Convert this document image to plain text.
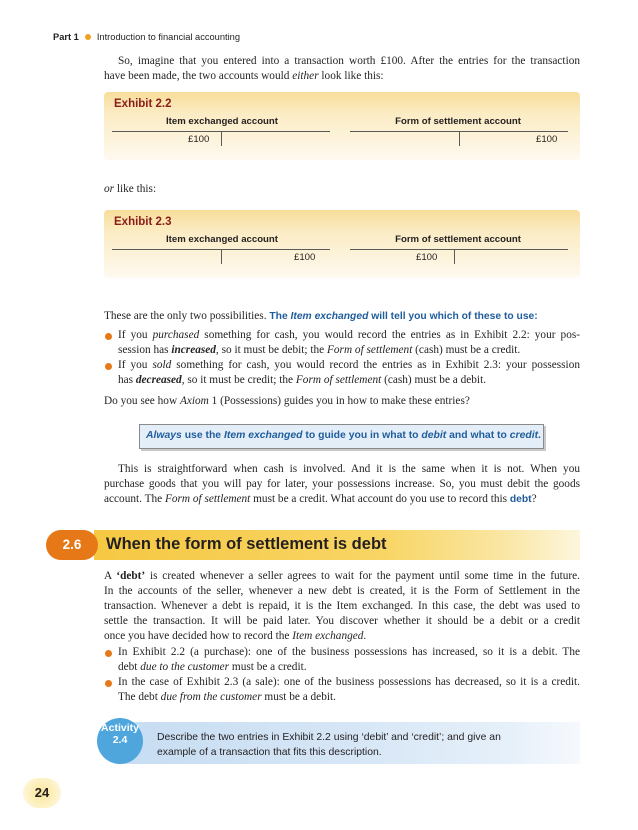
Part 1 Introduction to financial accounting
So, imagine that you entered into a transaction worth £100. After the entries for the transaction
have been made, the two accounts would either look like this:
Exhibit 2.2
Item exchanged account	Form of settlement account
£100	£100
or like this:
Exhibit 2.3
Item exchanged account	Form of settlement account
£100	£100
These are the only two possibilities. The Item exchanged will tell you which of these to use:
If you purchased something for cash, you would record the entries as in Exhibit 2.2: your pos-
session has increased, so it must be debit; the Form of settlement (cash) must be a credit.
If you sold something for cash, you would record the entries as in Exhibit 2.3: your possession
has decreased, so it must be credit; the Form of settlement (cash) must be a debit.
Do you see how Axiom 1 (Possessions) guides you in how to make these entries?
Always use the Item exchanged to guide you in what to debit and what to credit.
This is straightforward when cash is involved. And it is the same when it is not. When you
purchase goods that you will pay for later, your possessions increase. So, you must debit the goods
account. The Form of settlement must be a credit. What account do you use to record this debt?
2.6	When the form of settlement is debt
A ‘debt’ is created whenever a seller agrees to wait for the payment until some time in the future.
In the accounts of the seller, whenever a new debt is created, it is the Form of Settlement in the
transaction. Whenever a debt is repaid, it is the Item exchanged. In this case, the debt was used to
settle the transaction. It will be paid later. You discover whether it should be a debit or a credit
once you have decided how to record the Item exchanged.
In Exhibit 2.2 (a purchase): one of the business possessions has increased, so it is a debit. The
debt due to the customer must be a credit.
In the case of Exhibit 2.3 (a sale): one of the business possessions has decreased, so it is a credit.
The debt due from the customer must be a debit.
Activity
2.4	Describe the two entries in Exhibit 2.2 using ‘debit’ and ‘credit’; and give an
example of a transaction that fits this description.
24
